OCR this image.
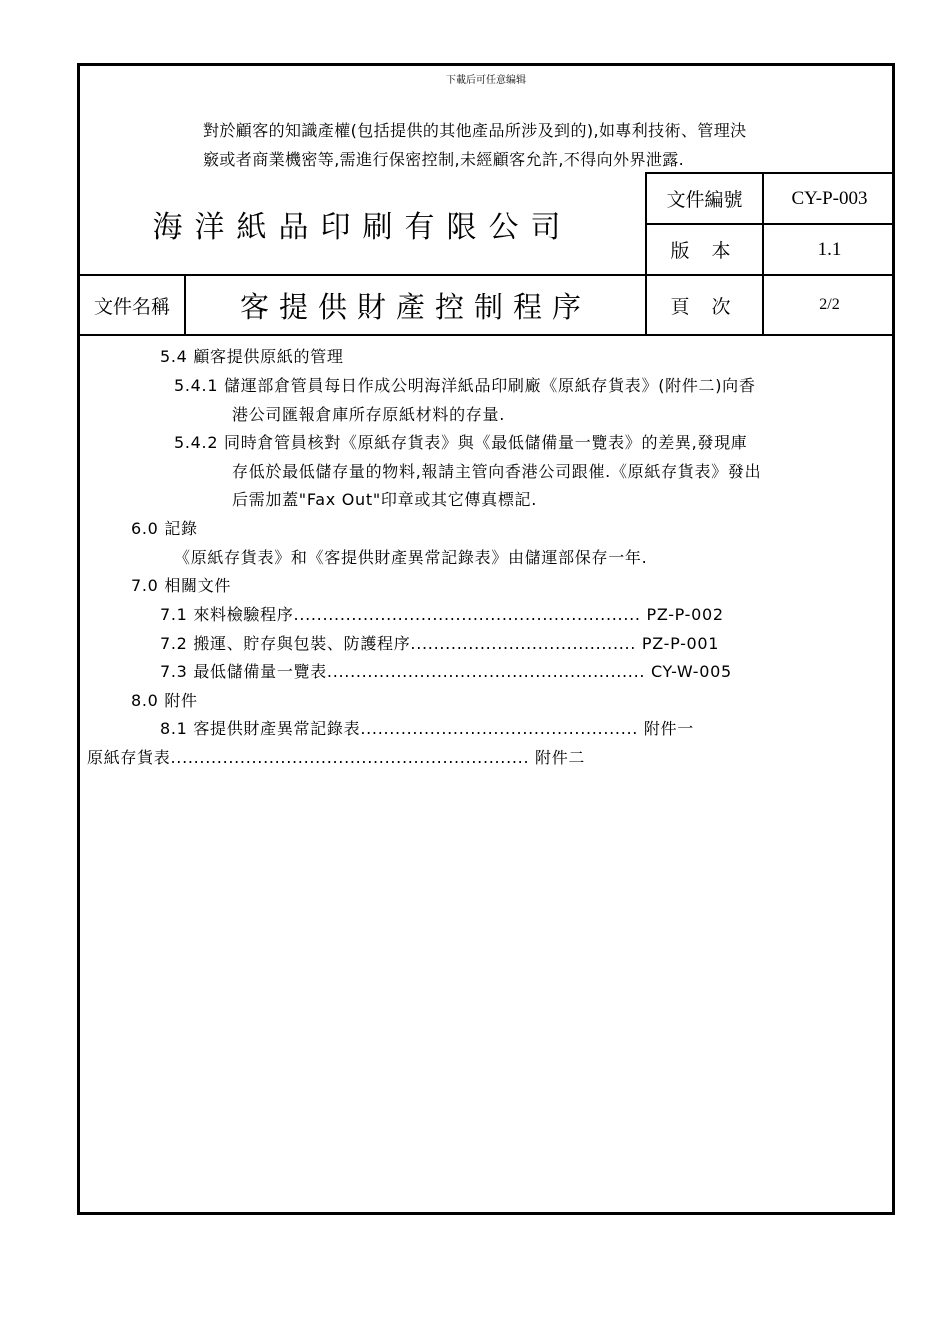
下載后可任意编辑

對於顧客的知識產權(包括提供的其他產品所涉及到的),如專利技術、管理決

竅或者商業機密等,需進行保密控制,未經顧客允許,不得向外界泄露.

海洋紙品印刷有限公司
文件編號	CY-P-003
版 本	1.1
文件名稱	客提供財產控制程序	頁 次	2/2
5.4 顧客提供原紙的管理
5.4.1 儲運部倉管員每日作成公明海洋紙品印刷廠《原紙存貨表》(附件二)向香
港公司匯報倉庫所存原紙材料的存量.
5.4.2 同時倉管員核對《原紙存貨表》與《最低儲備量一覽表》的差異,發現庫
存低於最低儲存量的物料,報請主管向香港公司跟催.《原紙存貨表》發出
后需加蓋"Fax Out"印章或其它傳真標記.
6.0 記錄
《原紙存貨表》和《客提供財產異常記錄表》由儲運部保存一年.
7.0 相關文件
7.1 來料檢驗程序............................................................ PZ-P-002
7.2 搬運、貯存與包裝、防護程序....................................... PZ-P-001
7.3 最低儲備量一覽表....................................................... CY-W-005
8.0 附件
8.1 客提供財產異常記錄表................................................ 附件一
原紙存貨表.............................................................. 附件二
